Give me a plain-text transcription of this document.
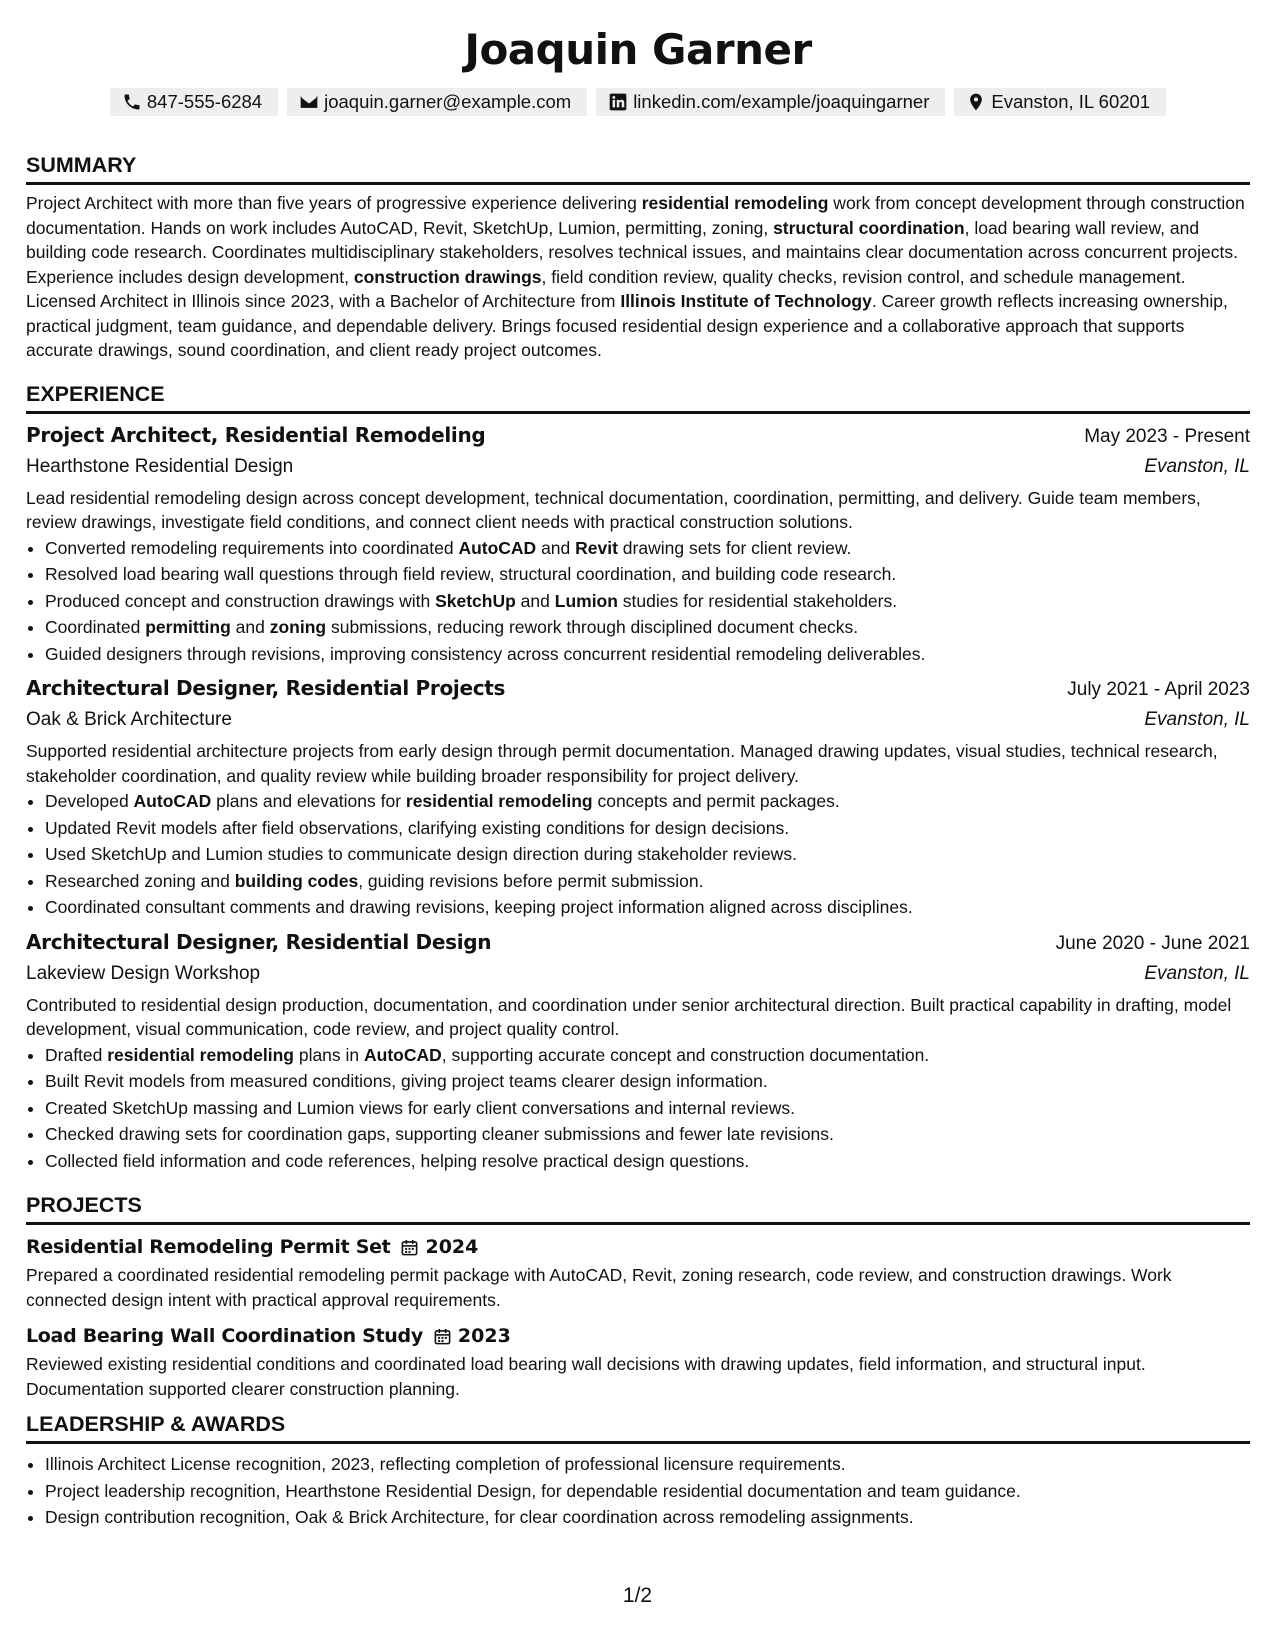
Joaquin Garner
847-555-6284	joaquin.garner@example.com	linkedin.com/example/joaquingarner	Evanston, IL 60201
SUMMARY

Project Architect with more than five years of progressive experience delivering residential remodeling work from concept development through construction documentation. Hands on work includes AutoCAD, Revit, SketchUp, Lumion, permitting, zoning, structural coordination, load bearing wall review, and building code research. Coordinates multidisciplinary stakeholders, resolves technical issues, and maintains clear documentation across concurrent projects. Experience includes design development, construction drawings, field condition review, quality checks, revision control, and schedule management. Licensed Architect in Illinois since 2023, with a Bachelor of Architecture from Illinois Institute of Technology. Career growth reflects increasing ownership, practical judgment, team guidance, and dependable delivery. Brings focused residential design experience and a collaborative approach that supports accurate drawings, sound coordination, and client ready project outcomes.

EXPERIENCE
Project Architect, Residential Remodeling	May 2023 - Present
Hearthstone Residential Design	Evanston, IL

Lead residential remodeling design across concept development, technical documentation, coordination, permitting, and delivery. Guide team members, review drawings, investigate field conditions, and connect client needs with practical construction solutions.

• Converted remodeling requirements into coordinated AutoCAD and Revit drawing sets for client review.
• Resolved load bearing wall questions through field review, structural coordination, and building code research.
• Produced concept and construction drawings with SketchUp and Lumion studies for residential stakeholders.
• Coordinated permitting and zoning submissions, reducing rework through disciplined document checks.
• Guided designers through revisions, improving consistency across concurrent residential remodeling deliverables.
Architectural Designer, Residential Projects	July 2021 - April 2023
Oak & Brick Architecture	Evanston, IL

Supported residential architecture projects from early design through permit documentation. Managed drawing updates, visual studies, technical research, stakeholder coordination, and quality review while building broader responsibility for project delivery.

• Developed AutoCAD plans and elevations for residential remodeling concepts and permit packages.
• Updated Revit models after field observations, clarifying existing conditions for design decisions.
• Used SketchUp and Lumion studies to communicate design direction during stakeholder reviews.
• Researched zoning and building codes, guiding revisions before permit submission.
• Coordinated consultant comments and drawing revisions, keeping project information aligned across disciplines.
Architectural Designer, Residential Design	June 2020 - June 2021
Lakeview Design Workshop	Evanston, IL

Contributed to residential design production, documentation, and coordination under senior architectural direction. Built practical capability in drafting, model development, visual communication, code review, and project quality control.

• Drafted residential remodeling plans in AutoCAD, supporting accurate concept and construction documentation.
• Built Revit models from measured conditions, giving project teams clearer design information.
• Created SketchUp massing and Lumion views for early client conversations and internal reviews.
• Checked drawing sets for coordination gaps, supporting cleaner submissions and fewer late revisions.
• Collected field information and code references, helping resolve practical design questions.
PROJECTS
Residential Remodeling Permit Set 2024

Prepared a coordinated residential remodeling permit package with AutoCAD, Revit, zoning research, code review, and construction drawings. Work connected design intent with practical approval requirements.

Load Bearing Wall Coordination Study 2023

Reviewed existing residential conditions and coordinated load bearing wall decisions with drawing updates, field information, and structural input. Documentation supported clearer construction planning.

LEADERSHIP & AWARDS
• Illinois Architect License recognition, 2023, reflecting completion of professional licensure requirements.
• Project leadership recognition, Hearthstone Residential Design, for dependable residential documentation and team guidance.
• Design contribution recognition, Oak & Brick Architecture, for clear coordination across remodeling assignments.
1/2
